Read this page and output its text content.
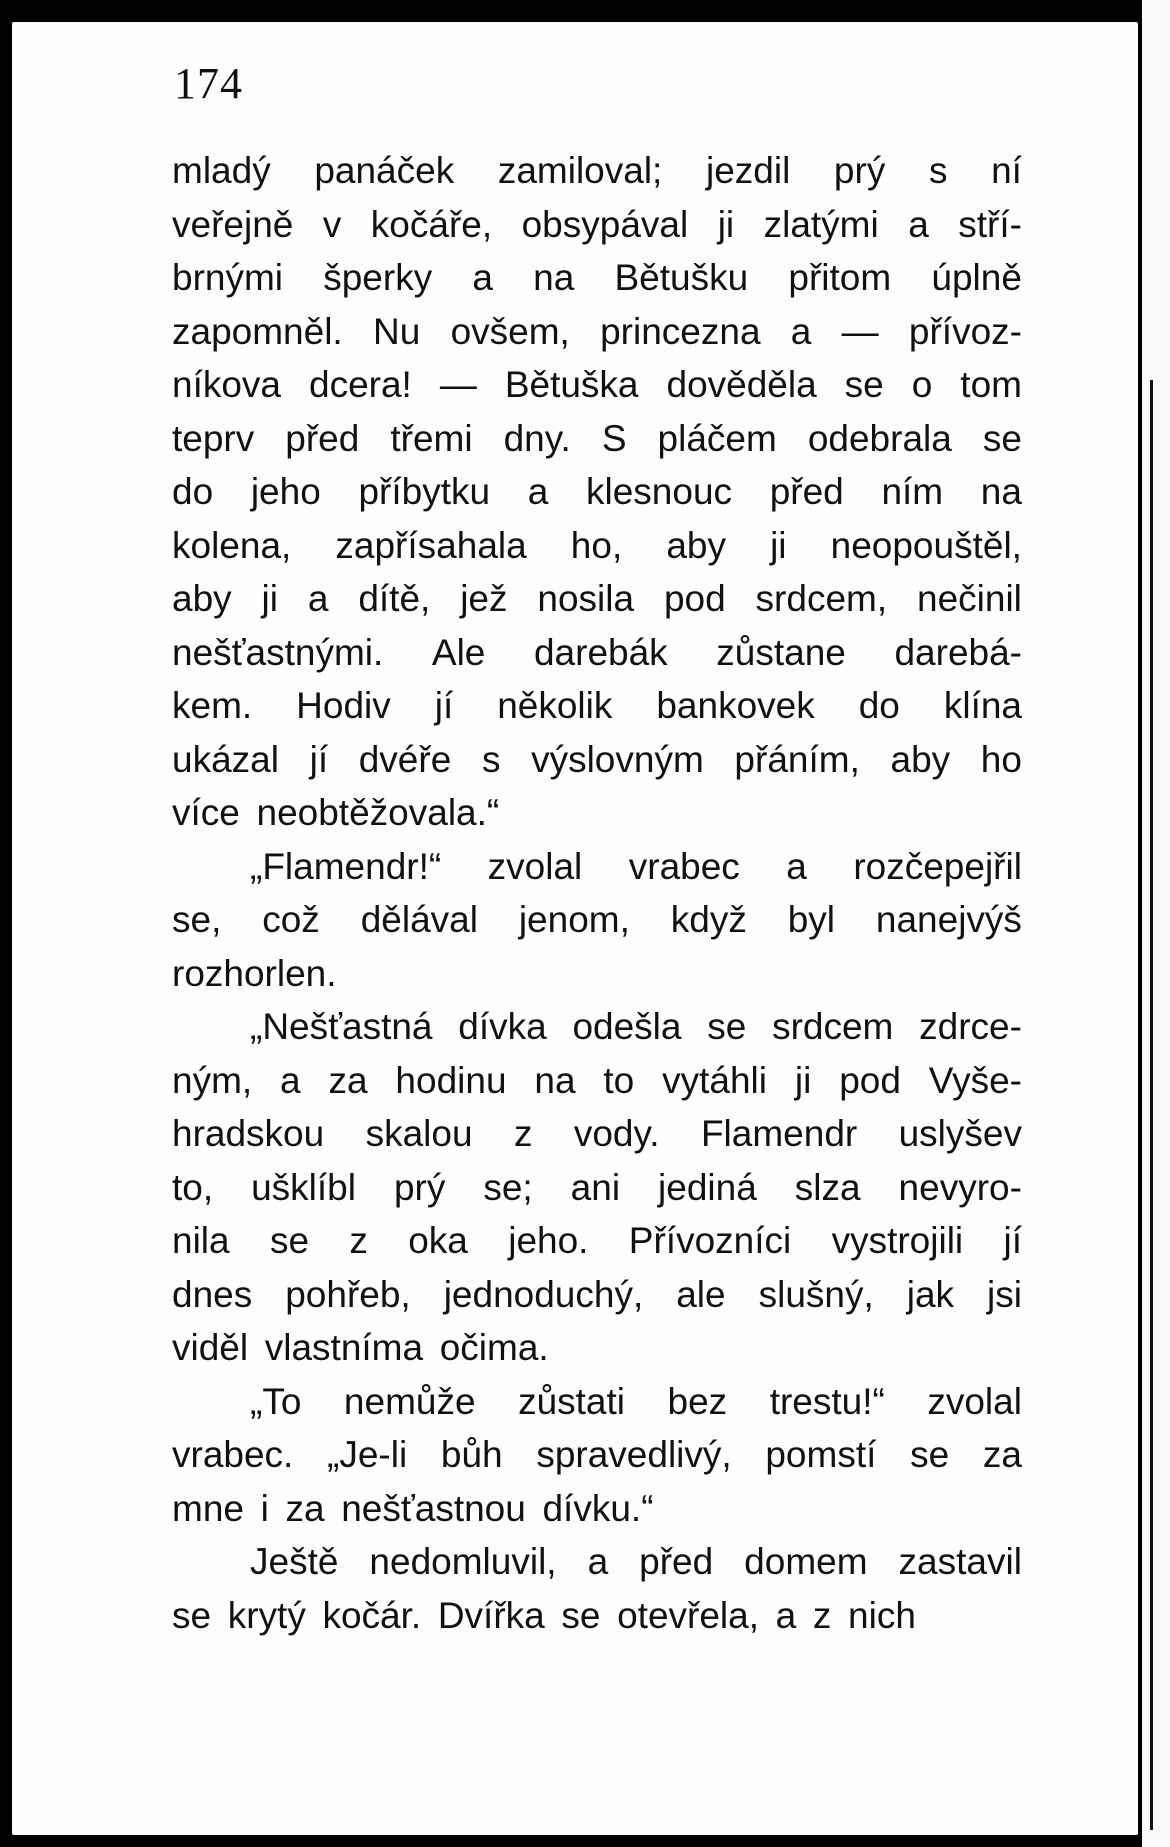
174
mladý panáček zamiloval; jezdil prý s ní
veřejně v kočáře, obsypával ji zlatými a stří-
brnými šperky a na Bětušku přitom úplně
zapomněl. Nu ovšem, princezna a — přívoz-
níkova dcera! — Bětuška dověděla se o tom
teprv před třemi dny. S pláčem odebrala se
do jeho příbytku a klesnouc před ním na
kolena, zapřísahala ho, aby ji neopouštěl,
aby ji a dítě, jež nosila pod srdcem, nečinil
nešťastnými. Ale darebák zůstane darebá-
kem. Hodiv jí několik bankovek do klína
ukázal jí dvéře s výslovným přáním, aby ho
více neobtěžovala.“
„Flamendr!“ zvolal vrabec a rozčepejřil
se, což dělával jenom, když byl nanejvýš
rozhorlen.
„Nešťastná dívka odešla se srdcem zdrce-
ným, a za hodinu na to vytáhli ji pod Vyše-
hradskou skalou z vody. Flamendr uslyšev
to, ušklíbl prý se; ani jediná slza nevyro-
nila se z oka jeho. Přívozníci vystrojili jí
dnes pohřeb, jednoduchý, ale slušný, jak jsi
viděl vlastníma očima.
„To nemůže zůstati bez trestu!“ zvolal
vrabec. „Je-li bůh spravedlivý, pomstí se za
mne i za nešťastnou dívku.“
Ještě nedomluvil, a před domem zastavil
se krytý kočár. Dvířka se otevřela, a z nich
